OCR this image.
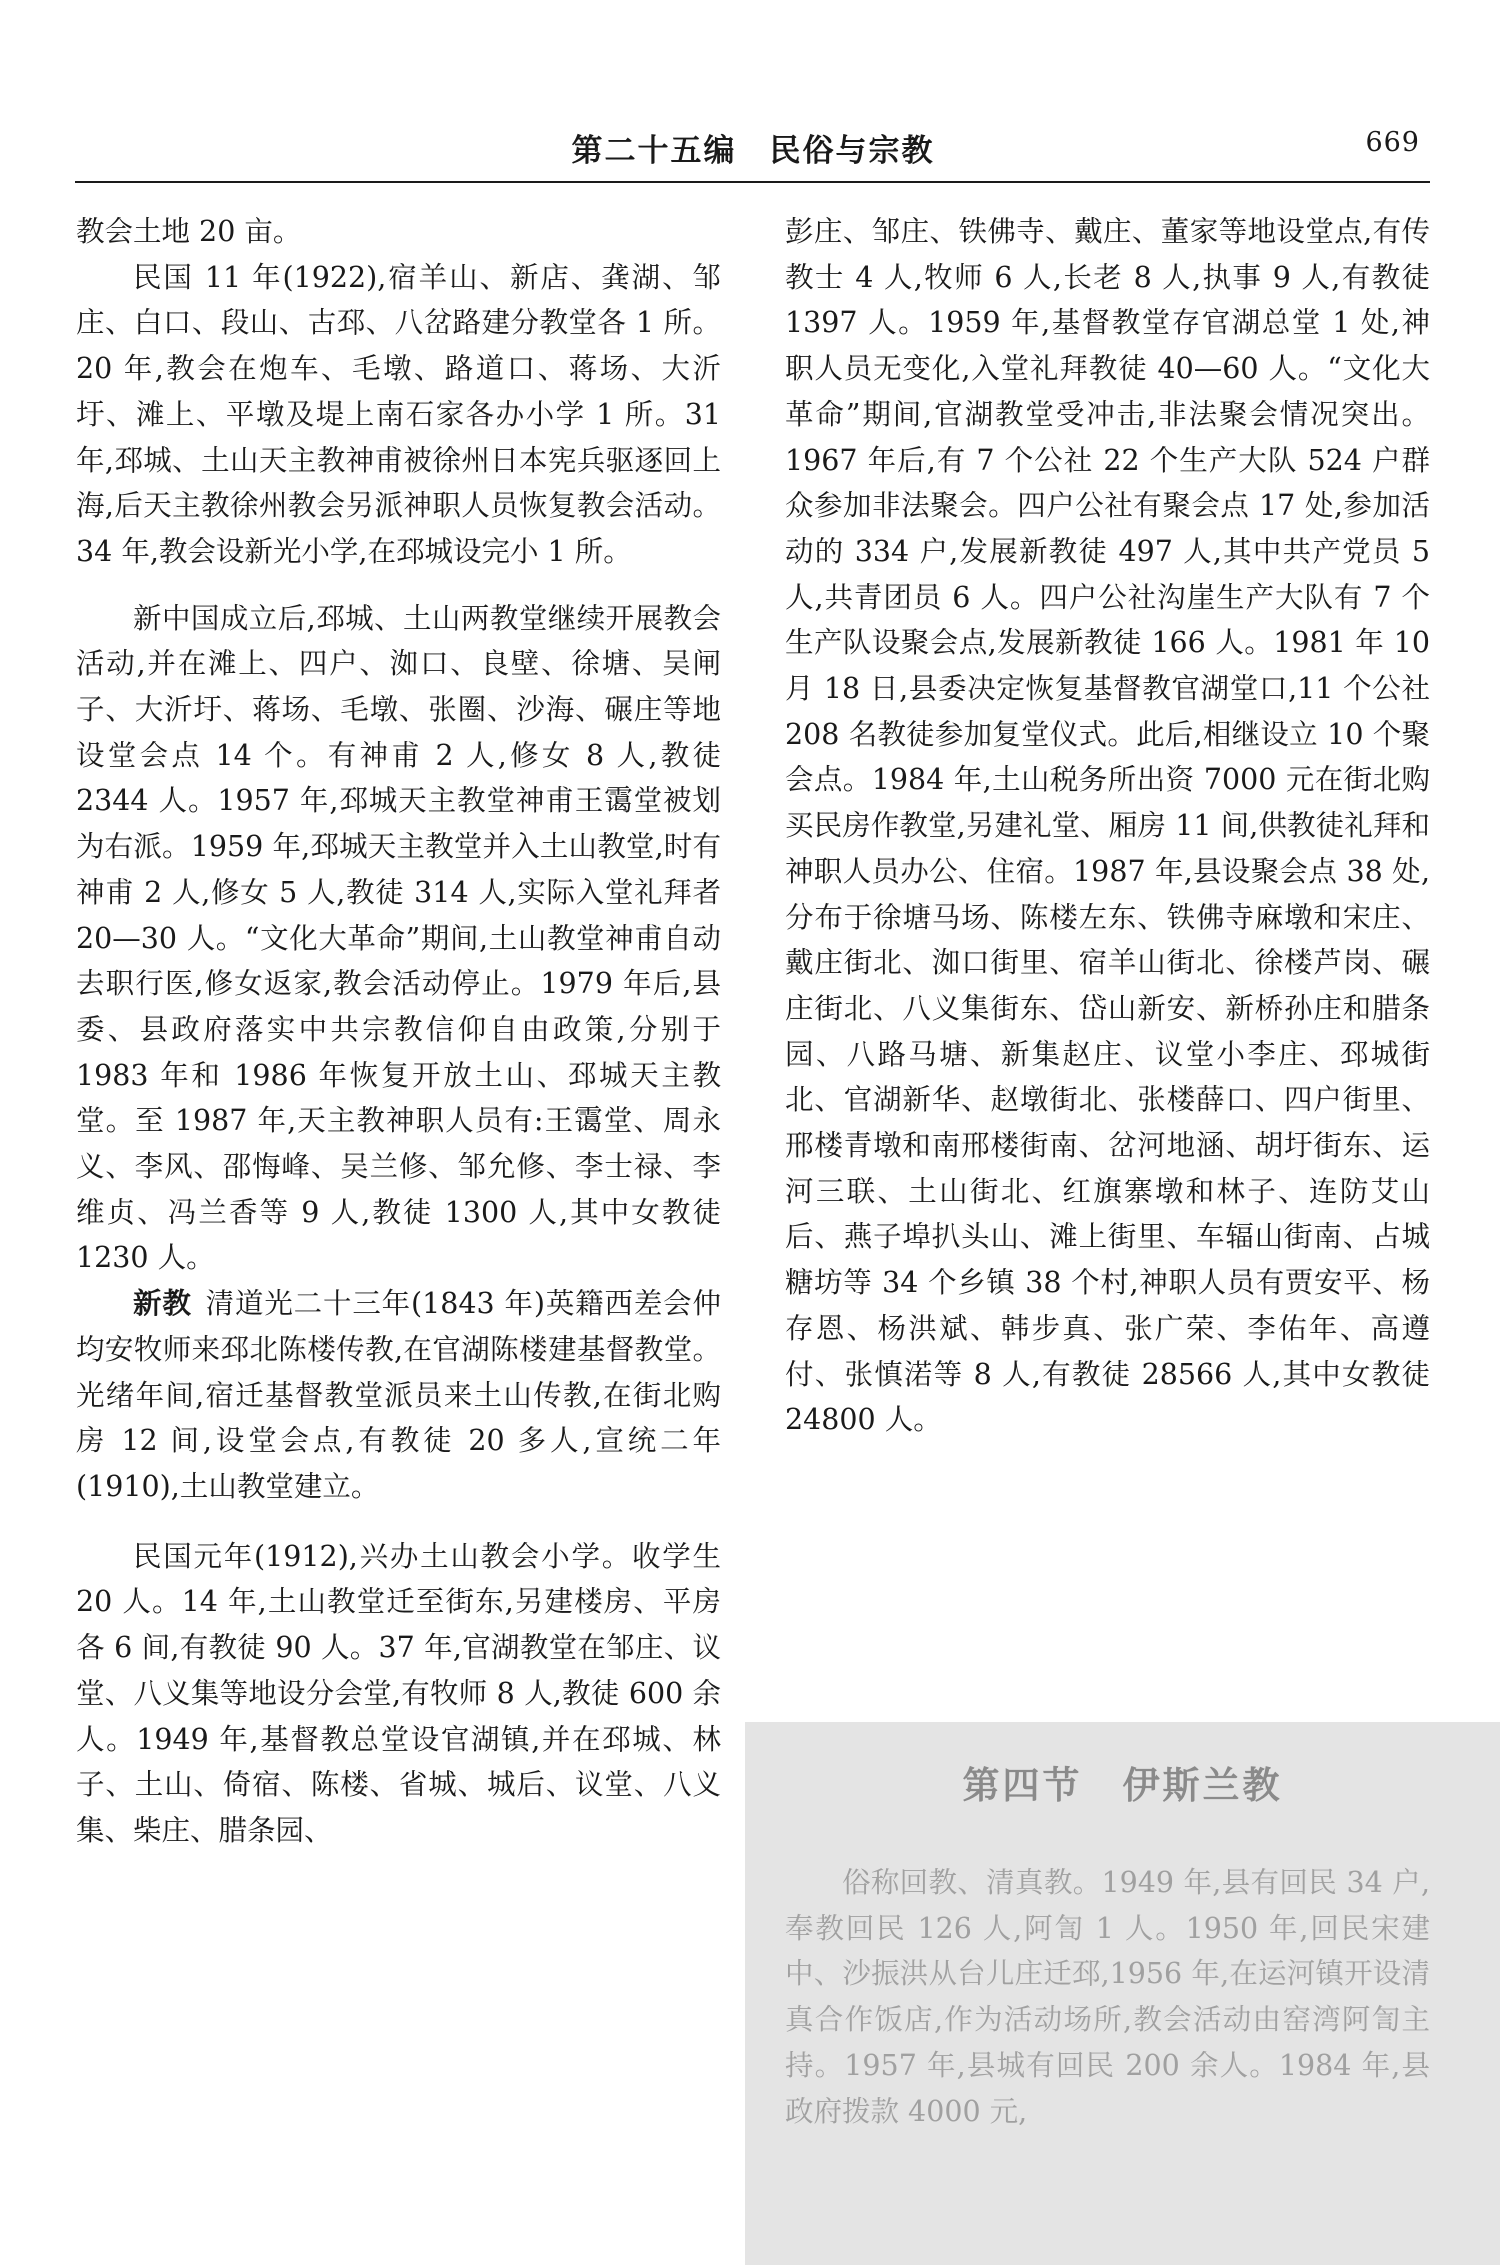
第二十五编　民俗与宗教	669

教会土地 20 亩。

民国 11 年(1922),宿羊山、新店、龚湖、邹庄、白口、段山、古邳、八岔路建分教堂各 1 所。20 年,教会在炮车、毛墩、路道口、蒋场、大沂圩、滩上、平墩及堤上南石家各办小学 1 所。31 年,邳城、土山天主教神甫被徐州日本宪兵驱逐回上海,后天主教徐州教会另派神职人员恢复教会活动。34 年,教会设新光小学,在邳城设完小 1 所。

新中国成立后,邳城、土山两教堂继续开展教会活动,并在滩上、四户、洳口、良壁、徐塘、吴闸子、大沂圩、蒋场、毛墩、张圈、沙海、碾庄等地设堂会点 14 个。有神甫 2 人,修女 8 人,教徒 2344 人。1957 年,邳城天主教堂神甫王霭堂被划为右派。1959 年,邳城天主教堂并入土山教堂,时有神甫 2 人,修女 5 人,教徒 314 人,实际入堂礼拜者 20—30 人。“文化大革命”期间,土山教堂神甫自动去职行医,修女返家,教会活动停止。1979 年后,县委、县政府落实中共宗教信仰自由政策,分别于 1983 年和 1986 年恢复开放土山、邳城天主教堂。至 1987 年,天主教神职人员有:王霭堂、周永义、李风、邵悔峰、吴兰修、邹允修、李士禄、李维贞、冯兰香等 9 人,教徒 1300 人,其中女教徒 1230 人。

新教 清道光二十三年(1843 年)英籍西差会仲均安牧师来邳北陈楼传教,在官湖陈楼建基督教堂。光绪年间,宿迁基督教堂派员来土山传教,在街北购房 12 间,设堂会点,有教徒 20 多人,宣统二年(1910),土山教堂建立。

民国元年(1912),兴办土山教会小学。收学生 20 人。14 年,土山教堂迁至街东,另建楼房、平房各 6 间,有教徒 90 人。37 年,官湖教堂在邹庄、议堂、八义集等地设分会堂,有牧师 8 人,教徒 600 余人。1949 年,基督教总堂设官湖镇,并在邳城、林子、土山、倚宿、陈楼、省城、城后、议堂、八义集、柴庄、腊条园、

彭庄、邹庄、铁佛寺、戴庄、董家等地设堂点,有传教士 4 人,牧师 6 人,长老 8 人,执事 9 人,有教徒 1397 人。1959 年,基督教堂存官湖总堂 1 处,神职人员无变化,入堂礼拜教徒 40—60 人。“文化大革命”期间,官湖教堂受冲击,非法聚会情况突出。1967 年后,有 7 个公社 22 个生产大队 524 户群众参加非法聚会。四户公社有聚会点 17 处,参加活动的 334 户,发展新教徒 497 人,其中共产党员 5 人,共青团员 6 人。四户公社沟崖生产大队有 7 个生产队设聚会点,发展新教徒 166 人。1981 年 10 月 18 日,县委决定恢复基督教官湖堂口,11 个公社 208 名教徒参加复堂仪式。此后,相继设立 10 个聚会点。1984 年,土山税务所出资 7000 元在街北购买民房作教堂,另建礼堂、厢房 11 间,供教徒礼拜和神职人员办公、住宿。1987 年,县设聚会点 38 处,分布于徐塘马场、陈楼左东、铁佛寺麻墩和宋庄、戴庄街北、洳口街里、宿羊山街北、徐楼芦岗、碾庄街北、八义集街东、岱山新安、新桥孙庄和腊条园、八路马塘、新集赵庄、议堂小李庄、邳城街北、官湖新华、赵墩街北、张楼薛口、四户街里、邢楼青墩和南邢楼街南、岔河地涵、胡圩街东、运河三联、土山街北、红旗寨墩和林子、连防艾山后、燕子埠扒头山、滩上街里、车辐山街南、占城糖坊等 34 个乡镇 38 个村,神职人员有贾安平、杨存恩、杨洪斌、韩步真、张广荣、李佑年、高遵付、张慎渃等 8 人,有教徒 28566 人,其中女教徒 24800 人。

第四节　伊斯兰教

俗称回教、清真教。1949 年,县有回民 34 户,奉教回民 126 人,阿訇 1 人。1950 年,回民宋建中、沙振洪从台儿庄迁邳,1956 年,在运河镇开设清真合作饭店,作为活动场所,教会活动由窑湾阿訇主持。1957 年,县城有回民 200 余人。1984 年,县政府拨款 4000 元,
